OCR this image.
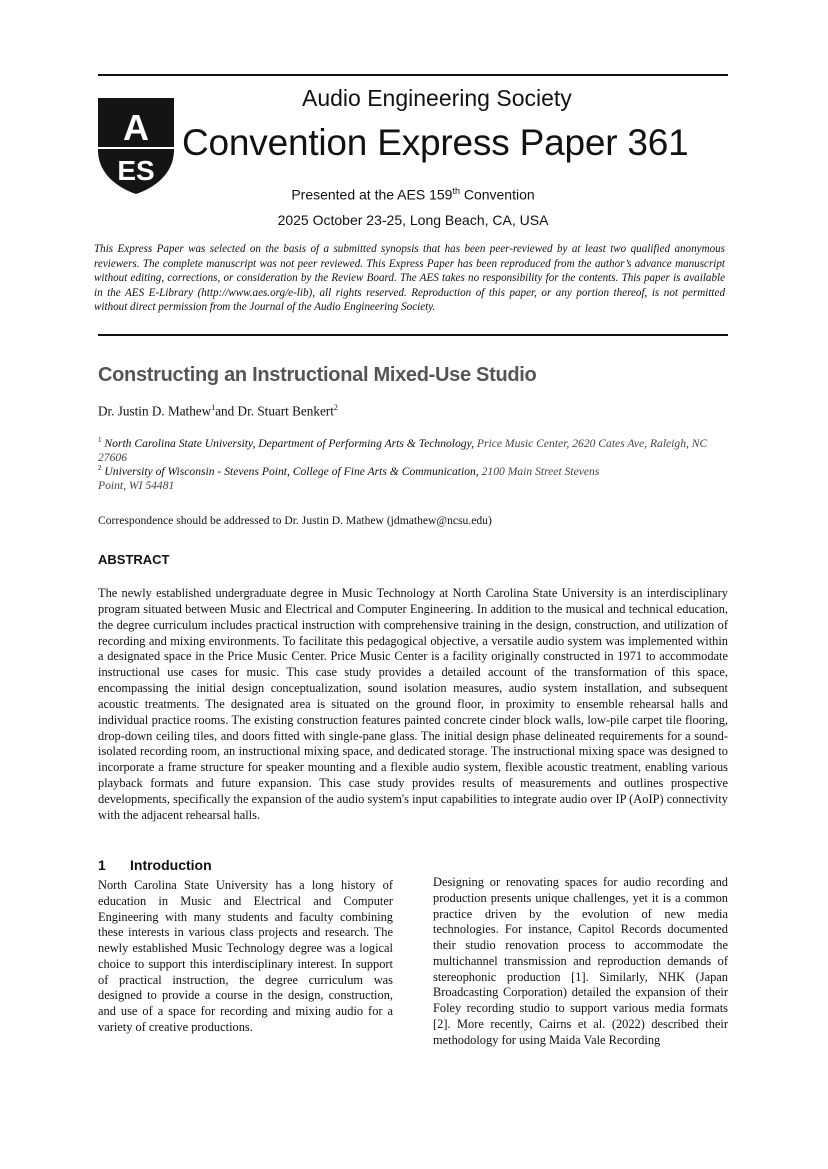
A
ES
Audio Engineering Society
Convention Express Paper 361
Presented at the AES 159th Convention
2025 October 23-25, Long Beach, CA, USA
This Express Paper was selected on the basis of a submitted synopsis that has been peer-reviewed by at least two qualified anonymous reviewers. The complete manuscript was not peer reviewed. This Express Paper has been reproduced from the author’s advance manuscript without editing, corrections, or consideration by the Review Board. The AES takes no responsibility for the contents. This paper is available in the AES E-Library (http://www.aes.org/e-lib), all rights reserved. Reproduction of this paper, or any portion thereof, is not permitted without direct permission from the Journal of the Audio Engineering Society.
Constructing an Instructional Mixed-Use Studio
Dr. Justin D. Mathew$^1$and Dr. Stuart Benkert$^2$
$^1$ North Carolina State University, Department of Performing Arts & Technology, Price Music Center, 2620 Cates Ave, Raleigh, NC 27606
$^2$ University of Wisconsin - Stevens Point, College of Fine Arts & Communication, 2100 Main Street Stevens Point, WI 54481
Correspondence should be addressed to Dr. Justin D. Mathew (jdmathew@ncsu.edu)
ABSTRACT
The newly established undergraduate degree in Music Technology at North Carolina State University is an interdisciplinary program situated between Music and Electrical and Computer Engineering. In addition to the musical and technical education, the degree curriculum includes practical instruction with comprehensive training in the design, construction, and utilization of recording and mixing environments. To facilitate this pedagogical objective, a versatile audio system was implemented within a designated space in the Price Music Center. Price Music Center is a facility originally constructed in 1971 to accommodate instructional use cases for music. This case study provides a detailed account of the transformation of this space, encompassing the initial design conceptualization, sound isolation measures, audio system installation, and subsequent acoustic treatments. The designated area is situated on the ground floor, in proximity to ensemble rehearsal halls and individual practice rooms. The existing construction features painted concrete cinder block walls, low-pile carpet tile flooring, drop-down ceiling tiles, and doors fitted with single-pane glass. The initial design phase delineated requirements for a sound-isolated recording room, an instructional mixing space, and dedicated storage. The instructional mixing space was designed to incorporate a frame structure for speaker mounting and a flexible audio system, flexible acoustic treatment, enabling various playback formats and future expansion. This case study provides results of measurements and outlines prospective developments, specifically the expansion of the audio system's input capabilities to integrate audio over IP (AoIP) connectivity with the adjacent rehearsal halls.
1 Introduction
North Carolina State University has a long history of education in Music and Electrical and Computer Engineering with many students and faculty combining these interests in various class projects and research. The newly established Music Technology degree was a logical choice to support this interdisciplinary interest. In support of practical instruction, the degree curriculum was designed to provide a course in the design, construction, and use of a space for recording and mixing audio for a variety of creative productions.
Designing or renovating spaces for audio recording and production presents unique challenges, yet it is a common practice driven by the evolution of new media technologies. For instance, Capitol Records documented their studio renovation process to accommodate the multichannel transmission and reproduction demands of stereophonic production [1]. Similarly, NHK (Japan Broadcasting Corporation) detailed the expansion of their Foley recording studio to support various media formats [2]. More recently, Cairns et al. (2022) described their methodology for using Maida Vale Recording
